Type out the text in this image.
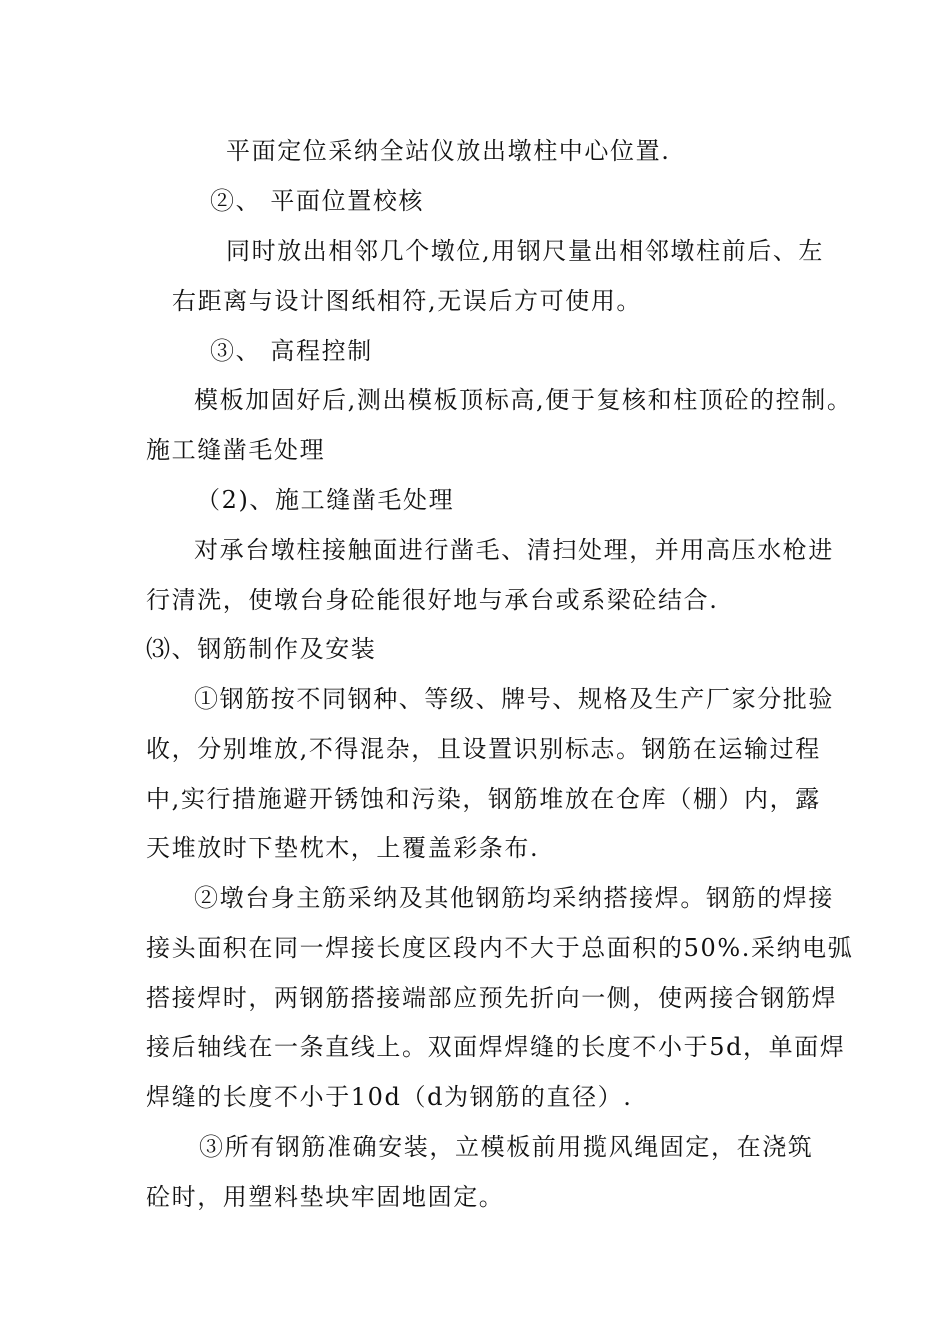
平面定位采纳全站仪放出墩柱中心位置.
②、 平面位置校核
同时放出相邻几个墩位,用钢尺量出相邻墩柱前后、左
右距离与设计图纸相符,无误后方可使用。
③、 高程控制
模板加固好后,测出模板顶标高,便于复核和柱顶砼的控制。
施工缝凿毛处理
（2)、施工缝凿毛处理
对承台墩柱接触面进行凿毛、清扫处理，并用高压水枪进
行清洗，使墩台身砼能很好地与承台或系梁砼结合.
⑶、钢筋制作及安装
①钢筋按不同钢种、等级、牌号、规格及生产厂家分批验
收，分别堆放,不得混杂，且设置识别标志。钢筋在运输过程
中,实行措施避开锈蚀和污染，钢筋堆放在仓库（棚）内，露
天堆放时下垫枕木，上覆盖彩条布.
②墩台身主筋采纳及其他钢筋均采纳搭接焊。钢筋的焊接
接头面积在同一焊接长度区段内不大于总面积的50%.采纳电弧
搭接焊时，两钢筋搭接端部应预先折向一侧，使两接合钢筋焊
接后轴线在一条直线上。双面焊焊缝的长度不小于5d，单面焊
焊缝的长度不小于10d（d为钢筋的直径）.
③所有钢筋准确安装，立模板前用揽风绳固定，在浇筑
砼时，用塑料垫块牢固地固定。
